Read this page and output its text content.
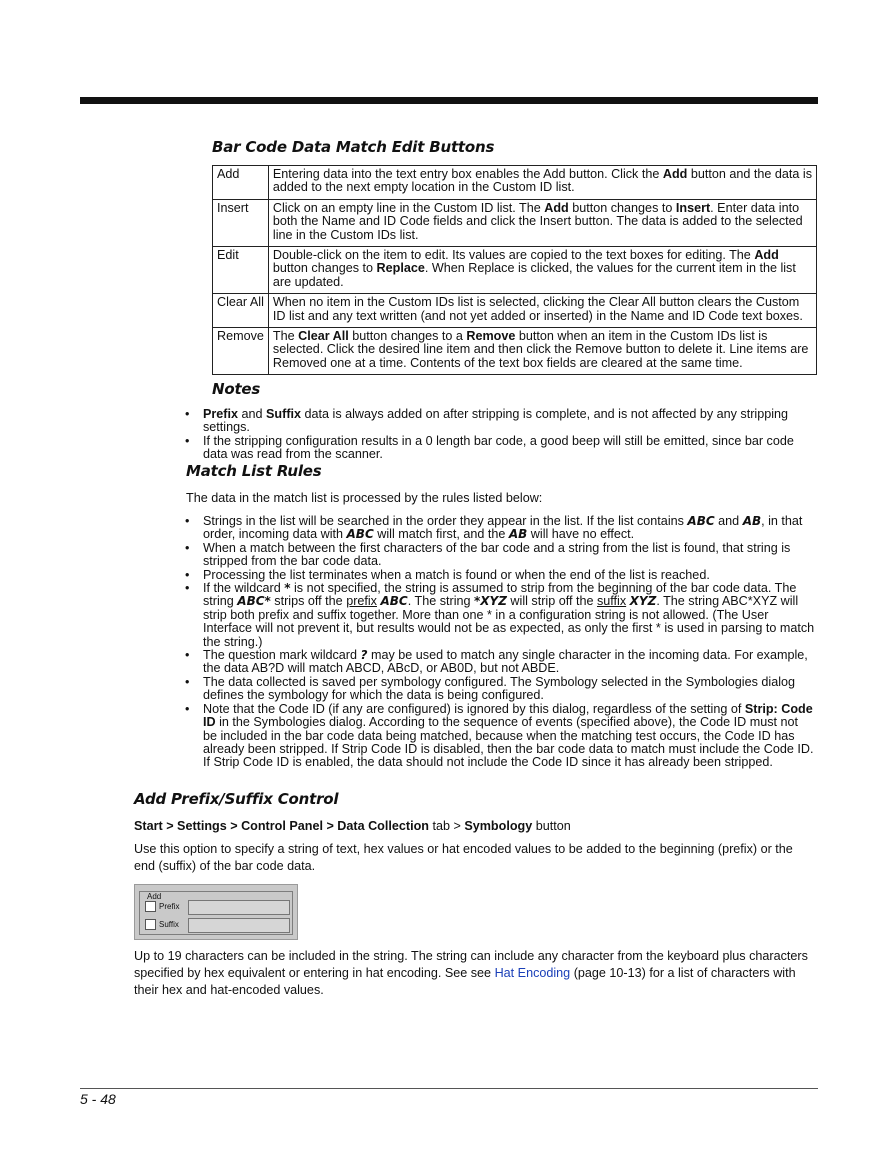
Bar Code Data Match Edit Buttons
Add	Entering data into the text entry box enables the Add button. Click the Add button and the data is added to the next empty location in the Custom ID list.
Insert	Click on an empty line in the Custom ID list. The Add button changes to Insert. Enter data into both the Name and ID Code fields and click the Insert button. The data is added to the selected line in the Custom IDs list.
Edit	Double-click on the item to edit. Its values are copied to the text boxes for editing. The Add button changes to Replace. When Replace is clicked, the values for the current item in the list are updated.
Clear All	When no item in the Custom IDs list is selected, clicking the Clear All button clears the Custom ID list and any text written (and not yet added or inserted) in the Name and ID Code text boxes.
Remove	The Clear All button changes to a Remove button when an item in the Custom IDs list is selected. Click the desired line item and then click the Remove button to delete it. Line items are Removed one at a time. Contents of the text box fields are cleared at the same time.
Notes
• Prefix and Suffix data is always added on after stripping is complete, and is not affected by any stripping settings.
• If the stripping configuration results in a 0 length bar code, a good beep will still be emitted, since bar code data was read from the scanner.
Match List Rules
The data in the match list is processed by the rules listed below:
• Strings in the list will be searched in the order they appear in the list. If the list contains ABC and AB, in that order, incoming data with ABC will match first, and the AB will have no effect.
• When a match between the first characters of the bar code and a string from the list is found, that string is stripped from the bar code data.
• Processing the list terminates when a match is found or when the end of the list is reached.
• If the wildcard * is not specified, the string is assumed to strip from the beginning of the bar code data. The string ABC* strips off the prefix ABC. The string *XYZ will strip off the suffix XYZ. The string ABC*XYZ will strip both prefix and suffix together. More than one * in a configuration string is not allowed. (The User Interface will not prevent it, but results would not be as expected, as only the first * is used in parsing to match the string.)
• The question mark wildcard ? may be used to match any single character in the incoming data. For example, the data AB?D will match ABCD, ABcD, or AB0D, but not ABDE.
• The data collected is saved per symbology configured. The Symbology selected in the Symbologies dialog defines the symbology for which the data is being configured.
• Note that the Code ID (if any are configured) is ignored by this dialog, regardless of the setting of Strip: Code ID in the Symbologies dialog. According to the sequence of events (specified above), the Code ID must not be included in the bar code data being matched, because when the matching test occurs, the Code ID has already been stripped. If Strip Code ID is disabled, then the bar code data to match must include the Code ID. If Strip Code ID is enabled, the data should not include the Code ID since it has already been stripped.
Add Prefix/Suffix Control
Start > Settings > Control Panel > Data Collection tab > Symbology button
Use this option to specify a string of text, hex values or hat encoded values to be added to the beginning (prefix) or the end (suffix) of the bar code data.
Add
Prefix
Suffix
Up to 19 characters can be included in the string. The string can include any character from the keyboard plus characters specified by hex equivalent or entering in hat encoding. See see Hat Encoding (page 10-13) for a list of characters with their hex and hat-encoded values.
5 - 48
